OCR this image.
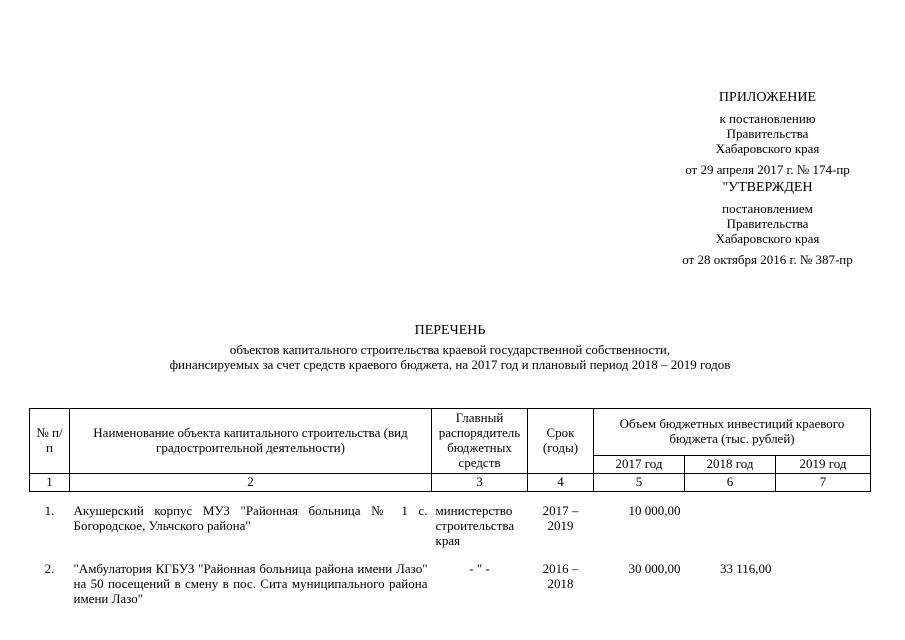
ПРИЛОЖЕНИЕ
к постановлению
Правительства
Хабаровского края
от 29 апреля 2017 г. № 174-пр
"УТВЕРЖДЕН
постановлением
Правительства
Хабаровского края
от 28 октября 2016 г. № 387-пр
ПЕРЕЧЕНЬ
объектов капитального строительства краевой государственной собственности,
финансируемых за счет средств краевого бюджета, на 2017 год и плановый период 2018 – 2019 годов
№ п/п	Наименование объекта капитального строительства (вид градостроительной деятельности)	Главный распорядитель бюджетных средств	Срок (годы)	Объем бюджетных инвестиций краевого бюджета (тыс. рублей)		
				2017 год	2018 год	2019 год
1	2	3	4	5	6	7
1.	Акушерский корпус МУЗ "Районная больница № 1 с. Богородское, Ульчского района"	министерство строительства края	2017 – 2019	10 000,00		
2.	"Амбулатория КГБУЗ "Районная больница района имени Лазо" на 50 посещений в смену в пос. Сита муниципального района имени Лазо"	- " -	2016 – 2018	30 000,00	33 116,00	
